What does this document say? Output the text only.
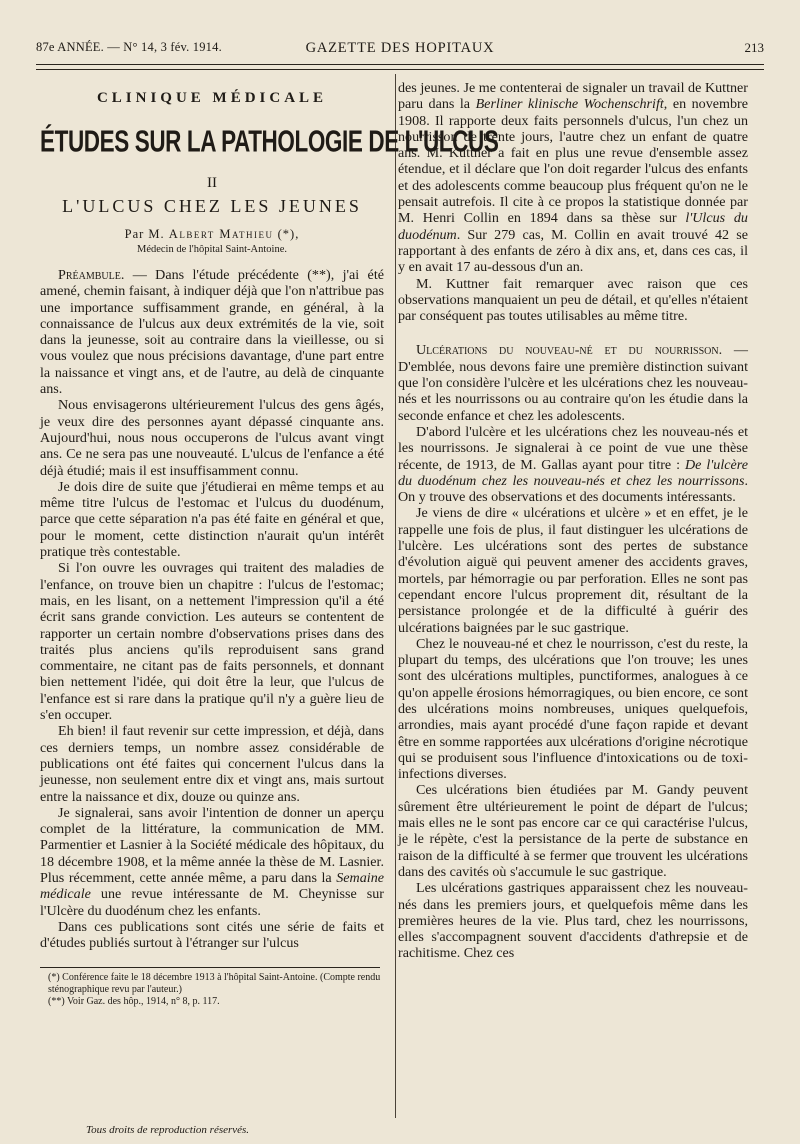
87e ANNÉE. — N° 14, 3 fév. 1914.	GAZETTE DES HOPITAUX	213
CLINIQUE MÉDICALE
ÉTUDES SUR LA PATHOLOGIE DE L'ULCUS
II
L'ULCUS CHEZ LES JEUNES
Par M. Albert Mathieu (*),
Médecin de l'hôpital Saint-Antoine.

Préambule. — Dans l'étude précédente (**), j'ai été amené, chemin faisant, à indiquer déjà que l'on n'attribue pas une importance suffisamment grande, en général, à la connaissance de l'ulcus aux deux extrémités de la vie, soit dans la jeunesse, soit au contraire dans la vieillesse, ou si vous voulez que nous précisions davantage, d'une part entre la naissance et vingt ans, et de l'autre, au delà de cinquante ans.

Nous envisagerons ultérieurement l'ulcus des gens âgés, je veux dire des personnes ayant dépassé cinquante ans. Aujourd'hui, nous nous occuperons de l'ulcus avant vingt ans. Ce ne sera pas une nouveauté. L'ulcus de l'enfance a été déjà étudié; mais il est insuffisamment connu.

Je dois dire de suite que j'étudierai en même temps et au même titre l'ulcus de l'estomac et l'ulcus du duodénum, parce que cette séparation n'a pas été faite en général et que, pour le moment, cette distinction n'aurait qu'un intérêt pratique très contestable.

Si l'on ouvre les ouvrages qui traitent des maladies de l'enfance, on trouve bien un chapitre : l'ulcus de l'estomac; mais, en les lisant, on a nettement l'impression qu'il a été écrit sans grande conviction. Les auteurs se contentent de rapporter un certain nombre d'observations prises dans des traités plus anciens qu'ils reproduisent sans grand commentaire, ne citant pas de faits personnels, et donnant bien nettement l'idée, qui doit être la leur, que l'ulcus de l'enfance est si rare dans la pratique qu'il n'y a guère lieu de s'en occuper.

Eh bien! il faut revenir sur cette impression, et déjà, dans ces derniers temps, un nombre assez considérable de publications ont été faites qui concernent l'ulcus dans la jeunesse, non seulement entre dix et vingt ans, mais surtout entre la naissance et dix, douze ou quinze ans.

Je signalerai, sans avoir l'intention de donner un aperçu complet de la littérature, la communication de MM. Parmentier et Lasnier à la Société médicale des hôpitaux, du 18 décembre 1908, et la même année la thèse de M. Lasnier. Plus récemment, cette année même, a paru dans la Semaine médicale une revue intéressante de M. Cheynisse sur l'Ulcère du duodénum chez les enfants.

Dans ces publications sont cités une série de faits et d'études publiés surtout à l'étranger sur l'ulcus

(*) Conférence faite le 18 décembre 1913 à l'hôpital Saint-Antoine. (Compte rendu sténographique revu par l'auteur.)

(**) Voir Gaz. des hôp., 1914, n° 8, p. 117.

des jeunes. Je me contenterai de signaler un travail de Kuttner paru dans la Berliner klinische Wochenschrift, en novembre 1908. Il rapporte deux faits personnels d'ulcus, l'un chez un nourrisson de trente jours, l'autre chez un enfant de quatre ans. M. Kuttner a fait en plus une revue d'ensemble assez étendue, et il déclare que l'on doit regarder l'ulcus des enfants et des adolescents comme beaucoup plus fréquent qu'on ne le pensait autrefois. Il cite à ce propos la statistique donnée par M. Henri Collin en 1894 dans sa thèse sur l'Ulcus du duodénum. Sur 279 cas, M. Collin en avait trouvé 42 se rapportant à des enfants de zéro à dix ans, et, dans ces cas, il y en avait 17 au-dessous d'un an.

M. Kuttner fait remarquer avec raison que ces observations manquaient un peu de détail, et qu'elles n'étaient par conséquent pas toutes utilisables au même titre.

Ulcérations du nouveau-né et du nourrisson. — D'emblée, nous devons faire une première distinction suivant que l'on considère l'ulcère et les ulcérations chez les nouveau-nés et les nourrissons ou au contraire qu'on les étudie dans la seconde enfance et chez les adolescents.

D'abord l'ulcère et les ulcérations chez les nouveau-nés et les nourrissons. Je signalerai à ce point de vue une thèse récente, de 1913, de M. Gallas ayant pour titre : De l'ulcère du duodénum chez les nouveau-nés et chez les nourrissons. On y trouve des observations et des documents intéressants.

Je viens de dire « ulcérations et ulcère » et en effet, je le rappelle une fois de plus, il faut distinguer les ulcérations de l'ulcère. Les ulcérations sont des pertes de substance d'évolution aiguë qui peuvent amener des accidents graves, mortels, par hémorragie ou par perforation. Elles ne sont pas cependant encore l'ulcus proprement dit, résultant de la persistance prolongée et de la difficulté à guérir des ulcérations baignées par le suc gastrique.

Chez le nouveau-né et chez le nourrisson, c'est du reste, la plupart du temps, des ulcérations que l'on trouve; les unes sont des ulcérations multiples, punctiformes, analogues à ce qu'on appelle érosions hémorragiques, ou bien encore, ce sont des ulcérations moins nombreuses, uniques quelquefois, arrondies, mais ayant procédé d'une façon rapide et devant être en somme rapportées aux ulcérations d'origine nécrotique qui se produisent sous l'influence d'intoxications ou de toxi-infections diverses.

Ces ulcérations bien étudiées par M. Gandy peuvent sûrement être ultérieurement le point de départ de l'ulcus; mais elles ne le sont pas encore car ce qui caractérise l'ulcus, je le répète, c'est la persistance de la perte de substance en raison de la difficulté à se fermer que trouvent les ulcérations dans des cavités où s'accumule le suc gastrique.

Les ulcérations gastriques apparaissent chez les nouveau-nés dans les premiers jours, et quelquefois même dans les premières heures de la vie. Plus tard, chez les nourrissons, elles s'accompagnent souvent d'accidents d'athrepsie et de rachitisme. Chez ces

Tous droits de reproduction réservés.
